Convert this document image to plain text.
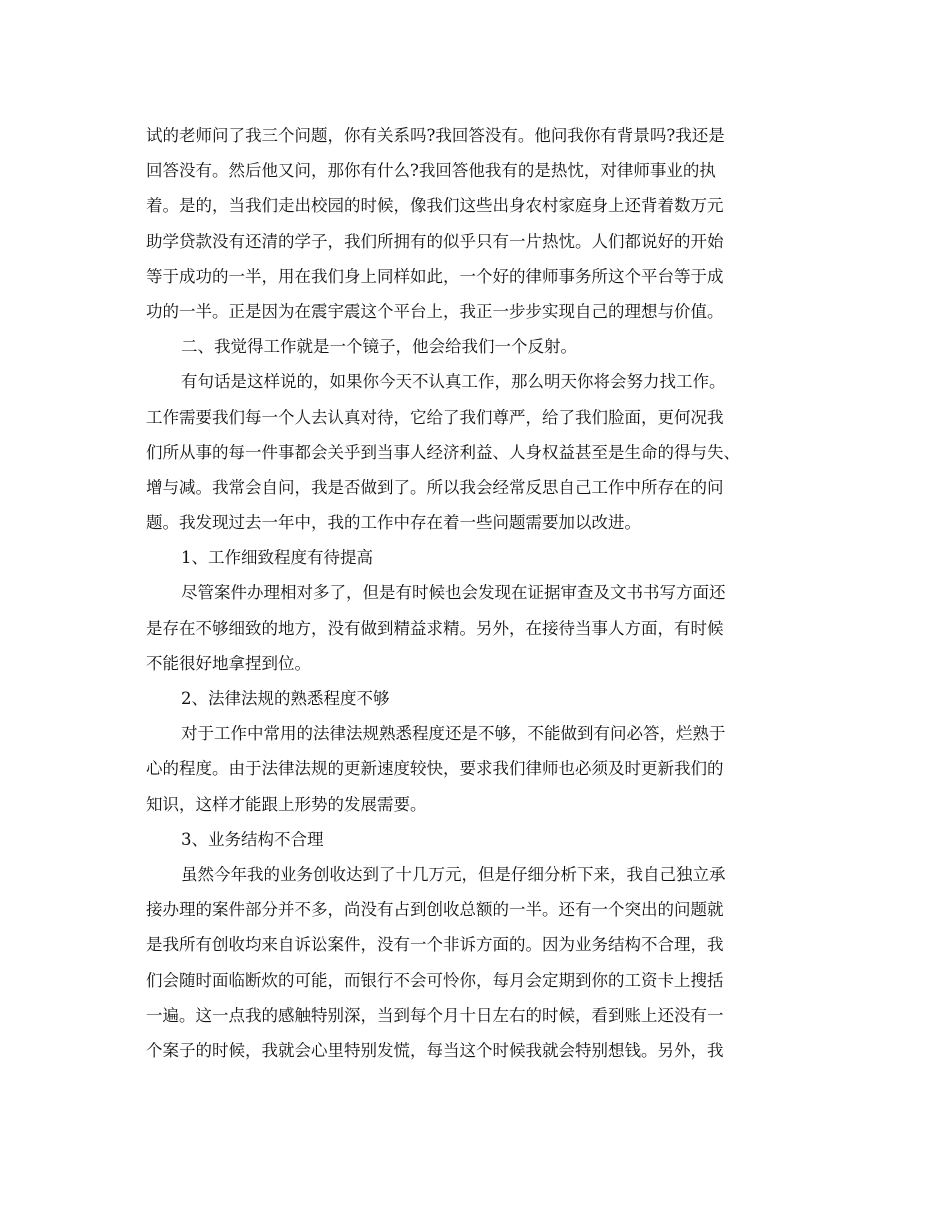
试的老师问了我三个问题，你有关系吗?我回答没有。他问我你有背景吗?我还是
回答没有。然后他又问，那你有什么?我回答他我有的是热忱，对律师事业的执
着。是的，当我们走出校园的时候，像我们这些出身农村家庭身上还背着数万元
助学贷款没有还清的学子，我们所拥有的似乎只有一片热忱。人们都说好的开始
等于成功的一半，用在我们身上同样如此，一个好的律师事务所这个平台等于成
功的一半。正是因为在震宇震这个平台上，我正一步步实现自己的理想与价值。
二、我觉得工作就是一个镜子，他会给我们一个反射。
有句话是这样说的，如果你今天不认真工作，那么明天你将会努力找工作。
工作需要我们每一个人去认真对待，它给了我们尊严，给了我们脸面，更何况我
们所从事的每一件事都会关乎到当事人经济利益、人身权益甚至是生命的得与失、
增与减。我常会自问，我是否做到了。所以我会经常反思自己工作中所存在的问
题。我发现过去一年中，我的工作中存在着一些问题需要加以改进。
1、工作细致程度有待提高
尽管案件办理相对多了，但是有时候也会发现在证据审查及文书书写方面还
是存在不够细致的地方，没有做到精益求精。另外，在接待当事人方面，有时候
不能很好地拿捏到位。
2、法律法规的熟悉程度不够
对于工作中常用的法律法规熟悉程度还是不够，不能做到有问必答，烂熟于
心的程度。由于法律法规的更新速度较快，要求我们律师也必须及时更新我们的
知识，这样才能跟上形势的发展需要。
3、业务结构不合理
虽然今年我的业务创收达到了十几万元，但是仔细分析下来，我自己独立承
接办理的案件部分并不多，尚没有占到创收总额的一半。还有一个突出的问题就
是我所有创收均来自诉讼案件，没有一个非诉方面的。因为业务结构不合理，我
们会随时面临断炊的可能，而银行不会可怜你，每月会定期到你的工资卡上搜括
一遍。这一点我的感触特别深，当到每个月十日左右的时候，看到账上还没有一
个案子的时候，我就会心里特别发慌，每当这个时候我就会特别想钱。另外，我
